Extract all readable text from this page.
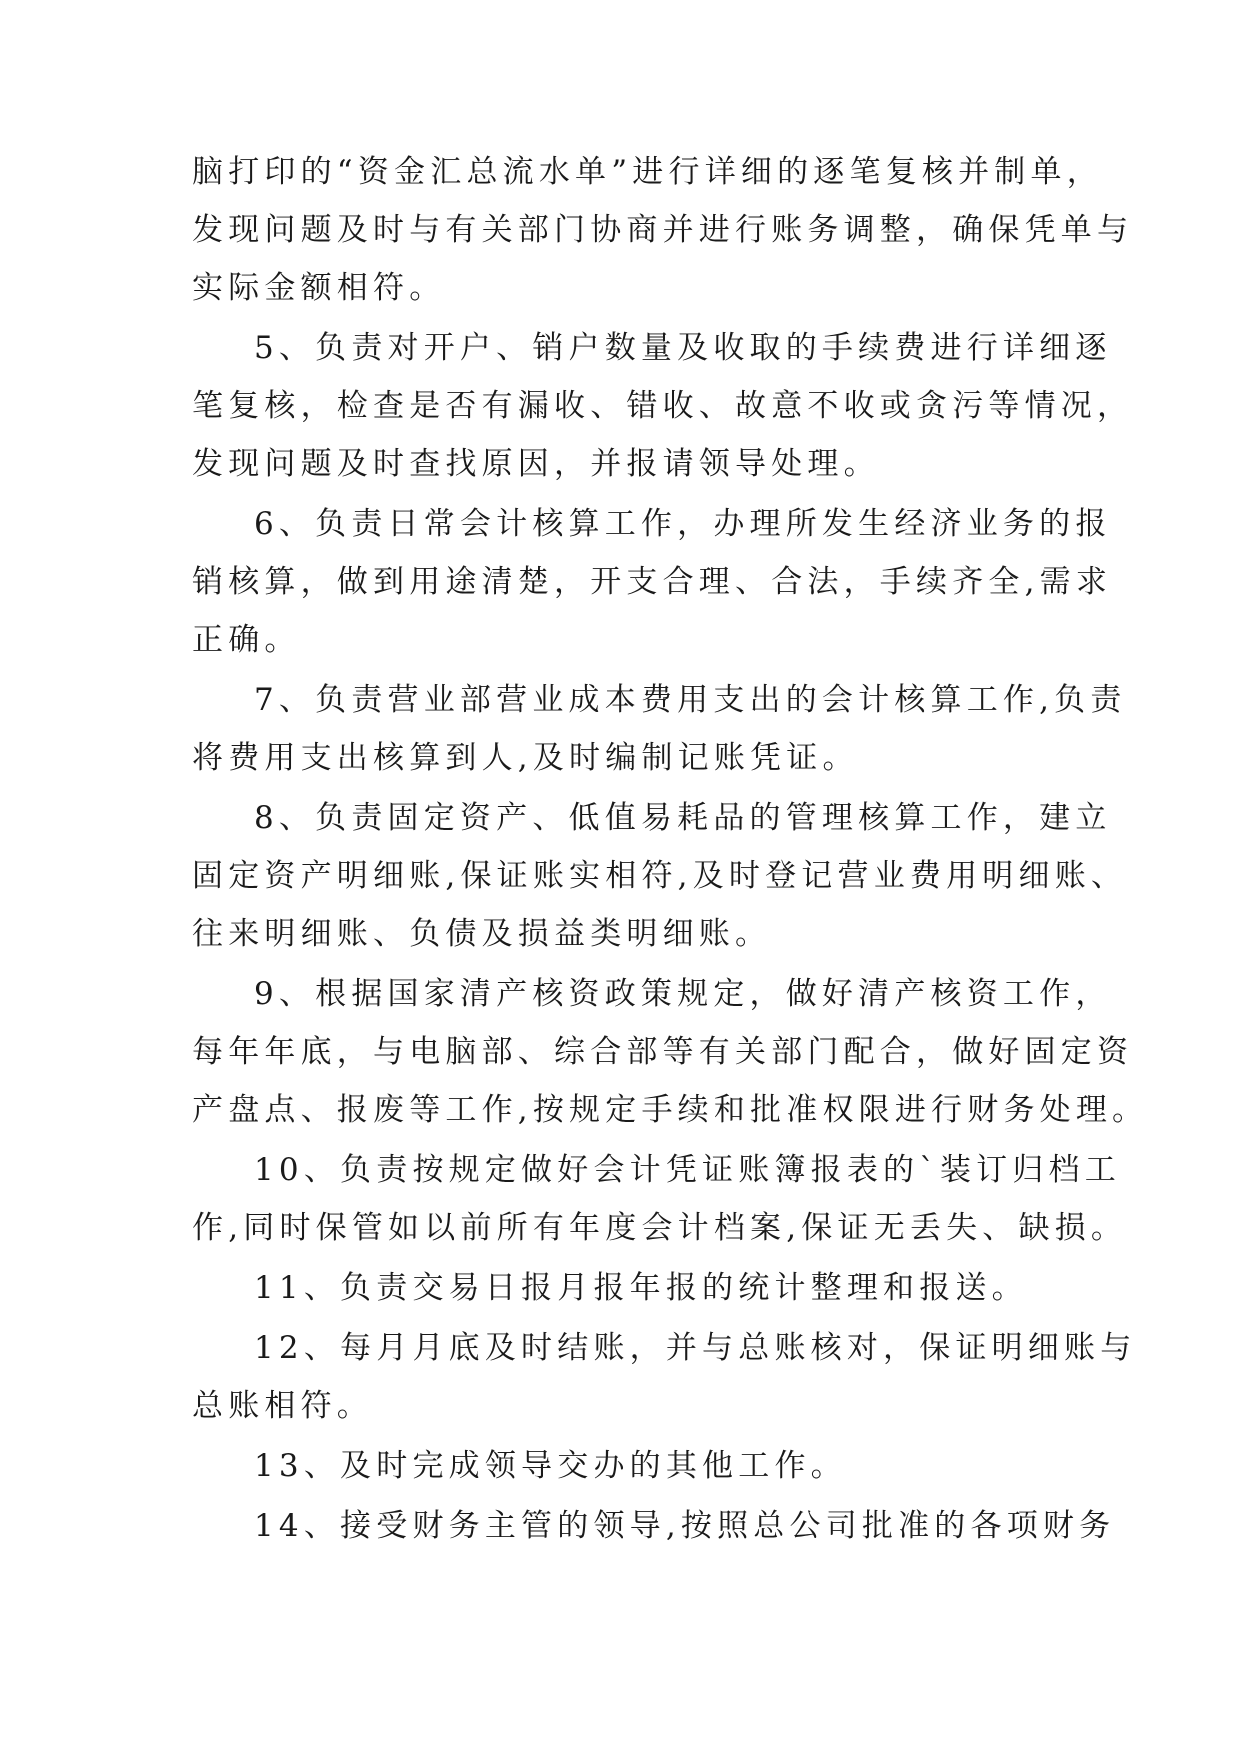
脑打印的“资金汇总流水单”进行详细的逐笔复核并制单，
发现问题及时与有关部门协商并进行账务调整，确保凭单与
实际金额相符。
5、负责对开户、销户数量及收取的手续费进行详细逐
笔复核，检查是否有漏收、错收、故意不收或贪污等情况，
发现问题及时查找原因，并报请领导处理。
6、负责日常会计核算工作，办理所发生经济业务的报
销核算，做到用途清楚，开支合理、合法，手续齐全,需求
正确。
7、负责营业部营业成本费用支出的会计核算工作,负责
将费用支出核算到人,及时编制记账凭证。
8、负责固定资产、低值易耗品的管理核算工作，建立
固定资产明细账,保证账实相符,及时登记营业费用明细账、
往来明细账、负债及损益类明细账。
9、根据国家清产核资政策规定，做好清产核资工作，
每年年底，与电脑部、综合部等有关部门配合，做好固定资
产盘点、报废等工作,按规定手续和批准权限进行财务处理。
10、负责按规定做好会计凭证账簿报表的`装订归档工
作,同时保管如以前所有年度会计档案,保证无丢失、缺损。
11、负责交易日报月报年报的统计整理和报送。
12、每月月底及时结账，并与总账核对，保证明细账与
总账相符。
13、及时完成领导交办的其他工作。
14、接受财务主管的领导,按照总公司批准的各项财务
